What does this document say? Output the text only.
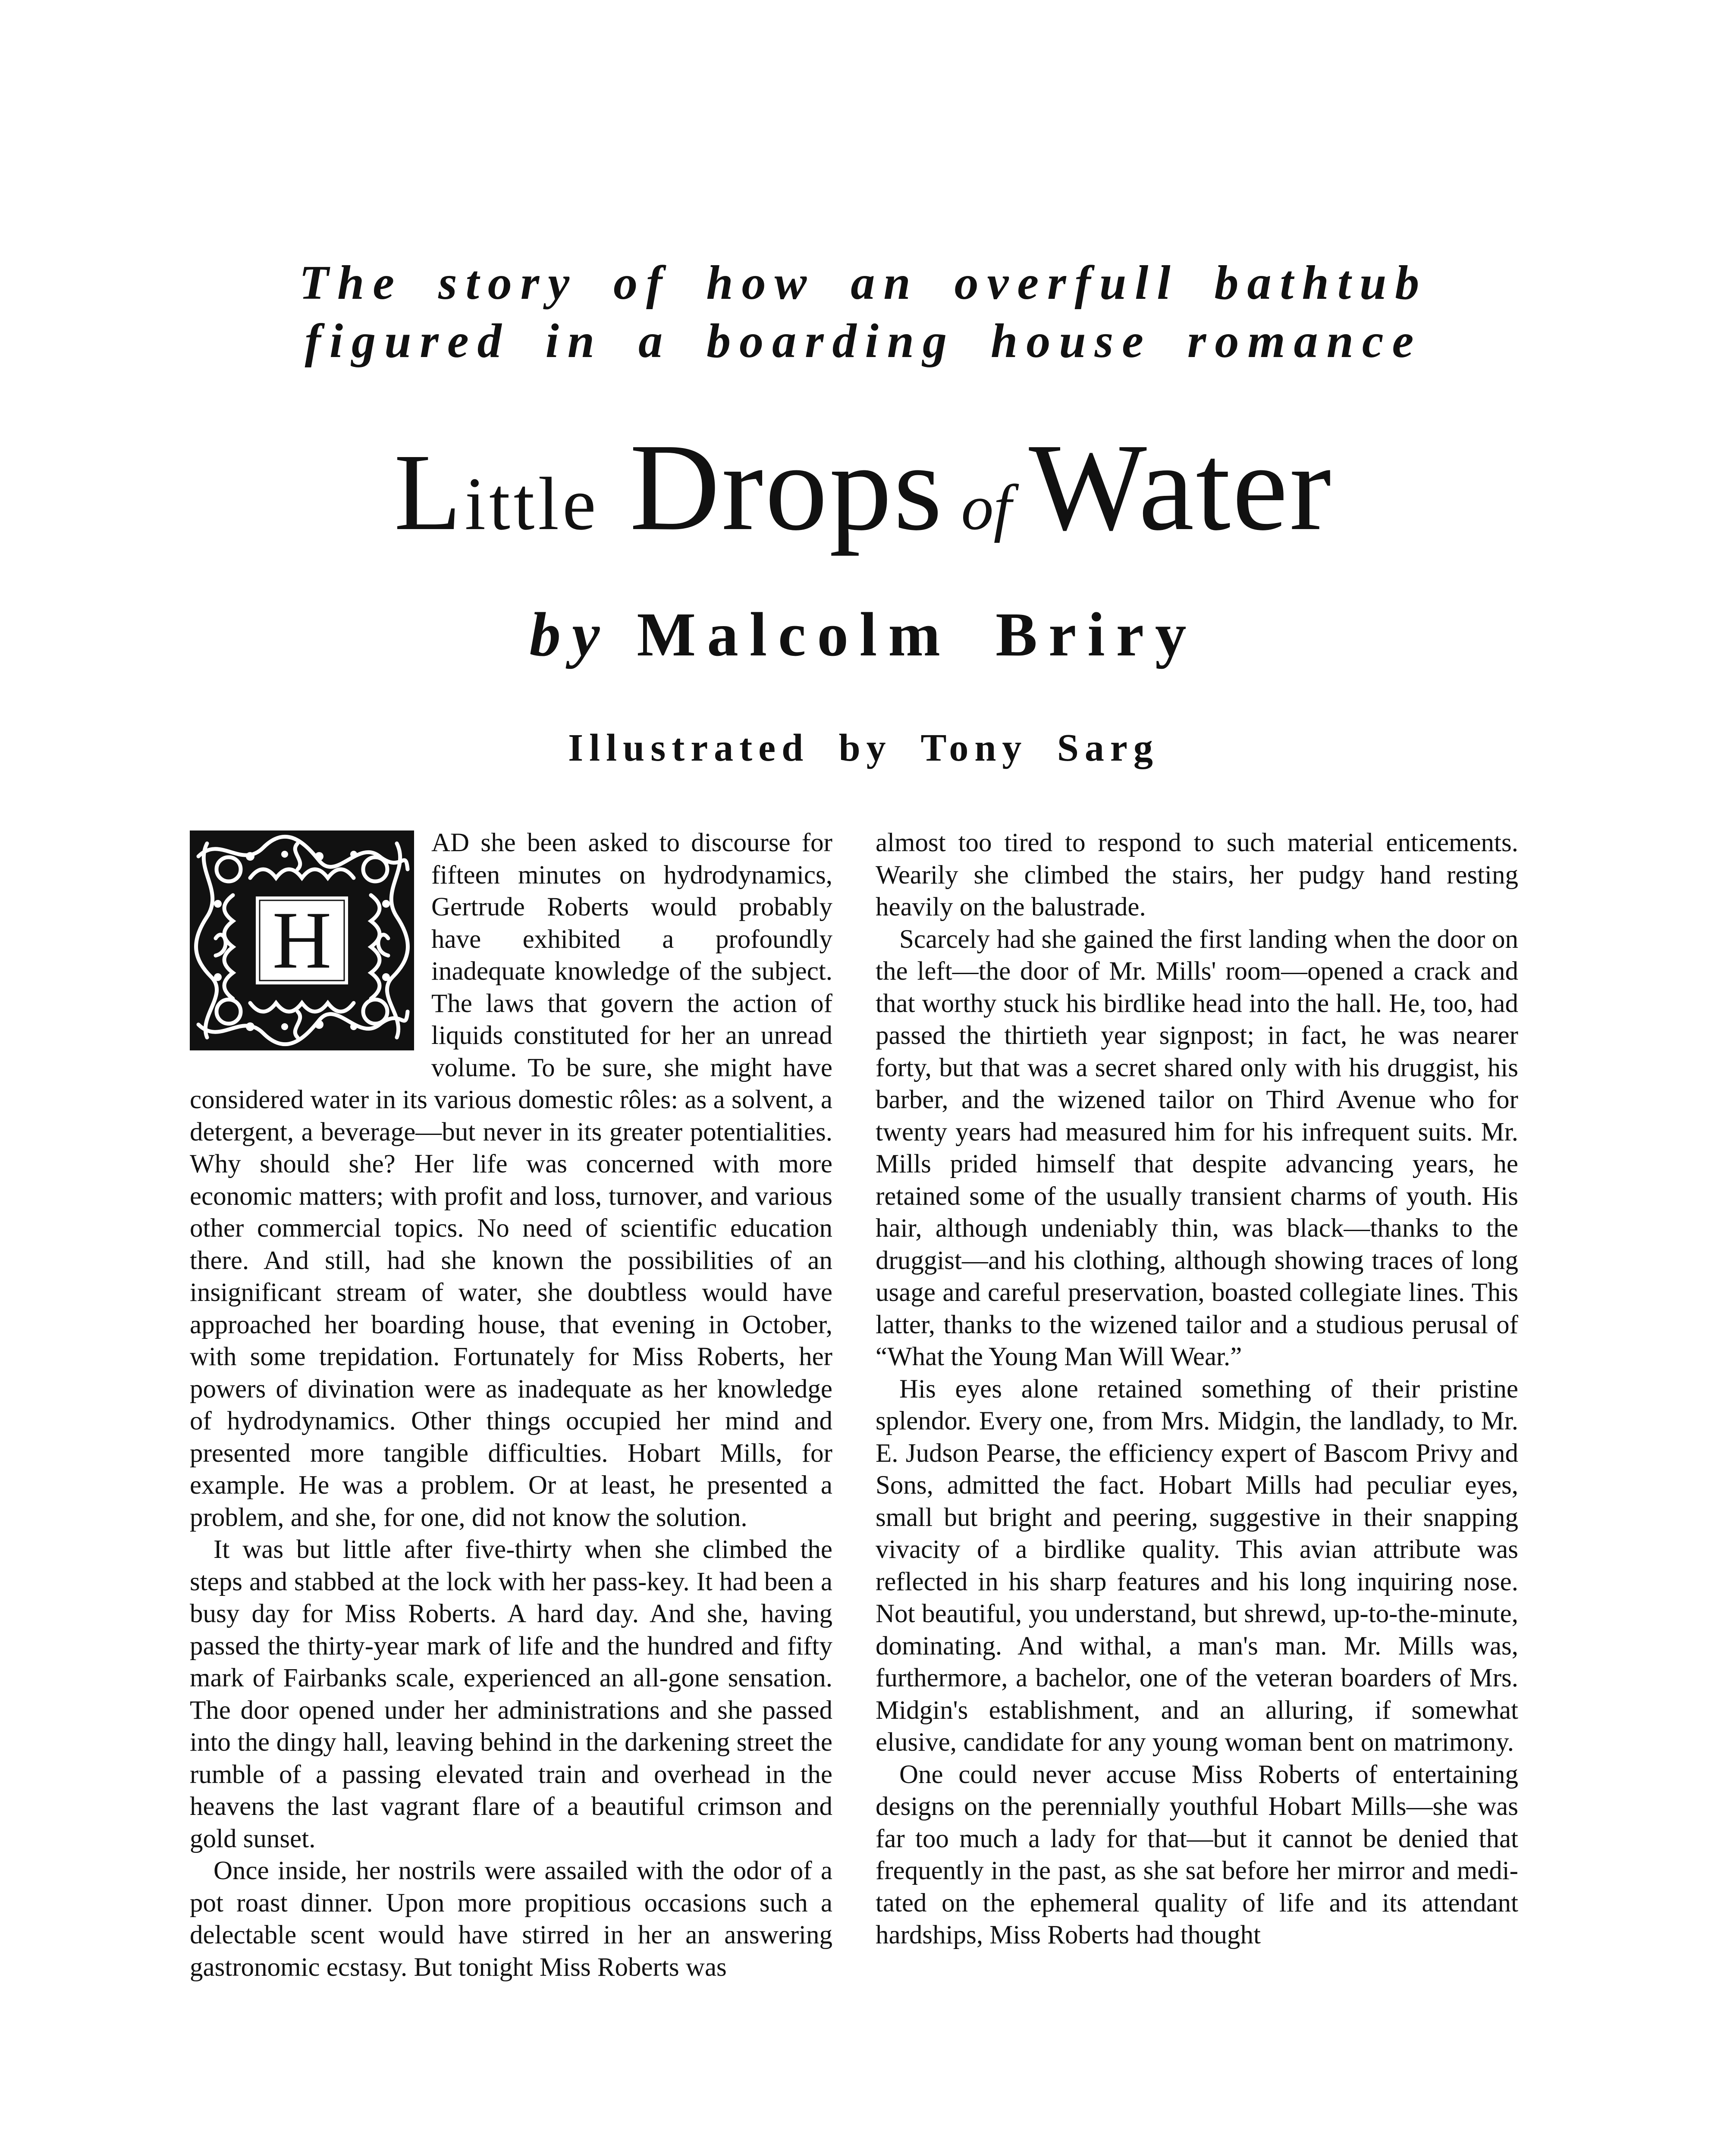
The story of how an overfull bathtub

figured in a boarding house romance

Little Drops of Water

by Malcolm Briry

Illustrated by Tony Sarg

H

AD she been asked to discourse for fifteen minutes on hydrodynamics, Gertrude Roberts would probably have exhibited a profoundly inadequate knowledge of the subject. The laws that govern the action of liquids constituted for her an unread volume. To be sure, she might have considered water in its various domestic rôles: as a solvent, a detergent, a beverage—but never in its greater potentialities. Why should she? Her life was concerned with more economic matters; with profit and loss, turnover, and various other commercial topics. No need of scientific education there. And still, had she known the possibilities of an insignificant stream of water, she doubtless would have approached her boarding house, that evening in October, with some trepidation. Fortunately for Miss Roberts, her powers of divination were as inadequate as her knowledge of hydrodynamics. Other things occupied her mind and presented more tangible difficulties. Hobart Mills, for example. He was a problem. Or at least, he presented a problem, and she, for one, did not know the solution.

It was but little after five-thirty when she climbed the steps and stabbed at the lock with her pass-key. It had been a busy day for Miss Roberts. A hard day. And she, having passed the thirty-year mark of life and the hundred and fifty mark of Fairbanks scale, experienced an all-gone sensation. The door opened under her administrations and she passed into the dingy hall, leaving behind in the darkening street the rumble of a passing elevated train and overhead in the heavens the last vagrant flare of a beautiful crimson and gold sunset.

Once inside, her nostrils were assailed with the odor of a pot roast dinner. Upon more propitious occasions such a delectable scent would have stirred in her an answering gastronomic ecstasy. But tonight Miss Roberts was

almost too tired to respond to such material enticements. Wearily she climbed the stairs, her pudgy hand resting heavily on the balustrade.

Scarcely had she gained the first landing when the door on the left—the door of Mr. Mills' room—opened a crack and that worthy stuck his birdlike head into the hall. He, too, had passed the thirtieth year signpost; in fact, he was nearer forty, but that was a secret shared only with his druggist, his barber, and the wizened tailor on Third Avenue who for twenty years had measured him for his infrequent suits. Mr. Mills prided himself that despite advancing years, he retained some of the usually transient charms of youth. His hair, although undeniably thin, was black—thanks to the druggist—and his clothing, although showing traces of long usage and careful preservation, boasted collegiate lines. This latter, thanks to the wizened tailor and a studious perusal of “What the Young Man Will Wear.”

His eyes alone retained something of their pristine splendor. Every one, from Mrs. Midgin, the landlady, to Mr. E. Judson Pearse, the efficiency expert of Bascom Privy and Sons, admitted the fact. Hobart Mills had peculiar eyes, small but bright and peering, suggestive in their snapping vivacity of a birdlike quality. This avian attribute was reflected in his sharp features and his long inquiring nose. Not beautiful, you understand, but shrewd, up-to-the-minute, dominating. And withal, a man's man. Mr. Mills was, furthermore, a bachelor, one of the veteran boarders of Mrs. Midgin's establishment, and an alluring, if somewhat elusive, candidate for any young woman bent on matrimony.

One could never accuse Miss Roberts of entertaining designs on the perennially youthful Hobart Mills—she was far too much a lady for that—but it cannot be denied that frequently in the past, as she sat before her mirror and meditated on the ephemeral quality of life and its attendant hardships, Miss Roberts had thought
